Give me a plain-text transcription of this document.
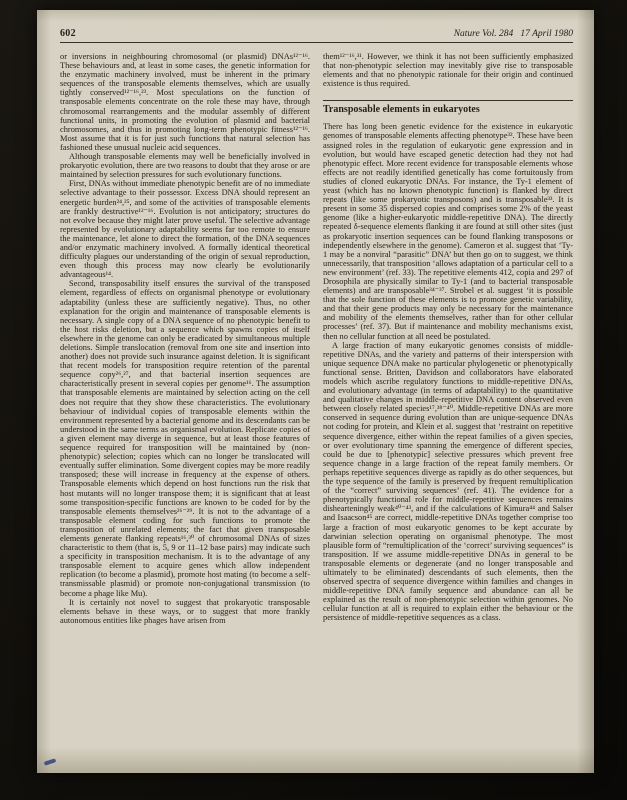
602	Nature Vol. 284   17 April 1980

or inversions in neighbouring chromosomal (or plasmid) DNAs¹²⁻¹⁶. These behaviours and, at least in some cases, the genetic information for the enzymatic machinery involved, must be inherent in the primary sequences of the transposable elements themselves, which are usually tightly conserved¹²⁻¹⁶,²³. Most speculations on the function of transposable elements concentrate on the role these may have, through chromosomal rearrangements and the modular assembly of different functional units, in promoting the evolution of plasmid and bacterial chromosomes, and thus in promoting long-term phenotypic fitness¹²⁻¹⁶. Most assume that it is for just such functions that natural selection has fashioned these unusual nucleic acid sequences.

Although transposable elements may well be beneficially involved in prokaryotic evolution, there are two reasons to doubt that they arose or are maintained by selection pressures for such evolutionary functions.

First, DNAs without immediate phenotypic benefit are of no immediate selective advantage to their possessor. Excess DNA should represent an energetic burden²⁴,²⁵, and some of the activities of transposable elements are frankly destructive¹²⁻¹⁶. Evolution is not anticipatory; structures do not evolve because they might later prove useful. The selective advantage represented by evolutionary adaptability seems far too remote to ensure the maintenance, let alone to direct the formation, of the DNA sequences and/or enzymatic machinery involved. A formally identical theoretical difficulty plagues our understanding of the origin of sexual reproduction, even though this process may now clearly be evolutionarily advantageous¹⁴.

Second, transposability itself ensures the survival of the transposed element, regardless of effects on organismal phenotype or evolutionary adaptability (unless these are sufficiently negative). Thus, no other explanation for the origin and maintenance of transposable elements is necessary. A single copy of a DNA sequence of no phenotypic benefit to the host risks deletion, but a sequence which spawns copies of itself elsewhere in the genome can only be eradicated by simultaneous multiple deletions. Simple translocation (removal from one site and insertion into another) does not provide such insurance against deletion. It is significant that recent models for transposition require retention of the parental sequence copy²⁶,²⁷, and that bacterial insertion sequences are characteristically present in several copies per genome¹⁶. The assumption that transposable elements are maintained by selection acting on the cell does not require that they show these characteristics. The evolutionary behaviour of individual copies of transposable elements within the environment represented by a bacterial genome and its descendants can be understood in the same terms as organismal evolution. Replicate copies of a given element may diverge in sequence, but at least those features of sequence required for transposition will be maintained by (non-phenotypic) selection; copies which can no longer be translocated will eventually suffer elimination. Some divergent copies may be more readily transposed; these will increase in frequency at the expense of others. Transposable elements which depend on host functions run the risk that host mutants will no longer transpose them; it is significant that at least some transposition-specific functions are known to be coded for by the transposable elements themselves²⁶⁻²⁹. It is not to the advantage of a transposable element coding for such functions to promote the transposition of unrelated elements; the fact that given transposable elements generate flanking repeats¹⁶,³⁰ of chromosomal DNAs of sizes characteristic to them (that is, 5, 9 or 11–12 base pairs) may indicate such a specificity in transposition mechanism. It is to the advantage of any transposable element to acquire genes which allow independent replication (to become a plasmid), promote host mating (to become a self-transmissable plasmid) or promote non-conjugational transmission (to become a phage like Mu).

It is certainly not novel to suggest that prokaryotic transposable elements behave in these ways, or to suggest that more frankly autonomous entities like phages have arisen from

them¹²⁻¹⁶,³¹. However, we think it has not been sufficiently emphasized that non-phenotypic selection may inevitably give rise to transposable elements and that no phenotypic rationale for their origin and continued existence is thus required.

Transposable elements in eukaryotes

There has long been genetic evidence for the existence in eukaryotic genomes of transposable elements affecting phenotype³². These have been assigned roles in the regulation of eukaryotic gene expression and in evolution, but would have escaped genetic detection had they not had phenotypic effect. More recent evidence for transposable elements whose effects are not readily identified genetically has come fortuitously from studies of cloned eukaryotic DNAs. For instance, the Ty-1 element of yeast (which has no known phenotypic function) is flanked by direct repeats (like some prokaryotic transposons) and is transposable³³. It is present in some 35 dispersed copies and comprises some 2% of the yeast genome (like a higher-eukaryotic middle-repetitive DNA). The directly repeated δ-sequence elements flanking it are found at still other sites (just as prokaryotic insertion sequences can be found flanking transposons or independently elsewhere in the genome). Cameron et al. suggest that ‘Ty-1 may be a nonviral “parasitic” DNA’ but then go on to suggest, we think unnecessarily, that transposition ‘allows adaptation of a particular cell to a new environment’ (ref. 33). The repetitive elements 412, copia and 297 of Drosophila are physically similar to Ty-1 (and to bacterial transposable elements) and are transposable³⁴⁻³⁷. Strobel et al. suggest ‘it is possible that the sole function of these elements is to promote genetic variability, and that their gene products may only be necessary for the maintenance and mobility of the elements themselves, rather than for other cellular processes’ (ref. 37). But if maintenance and mobility mechanisms exist, then no cellular function at all need be postulated.

A large fraction of many eukaryotic genomes consists of middle-repetitive DNAs, and the variety and patterns of their interspersion with unique sequence DNA make no particular phylogenetic or phenotypically functional sense. Britten, Davidson and collaborators have elaborated models which ascribe regulatory functions to middle-repetitive DNAs, and evolutionary advantage (in terms of adaptability) to the quantitative and qualitative changes in middle-repetitive DNA content observed even between closely related species¹⁷,³⁸⁻⁴⁰. Middle-repetitive DNAs are more conserved in sequence during evolution than are unique-sequence DNAs not coding for protein, and Klein et al. suggest that ‘restraint on repetitive sequence divergence, either within the repeat families of a given species, or over evolutionary time spanning the emergence of different species, could be due to [phenotypic] selective pressures which prevent free sequence change in a large fraction of the repeat family members. Or perhaps repetitive sequences diverge as rapidly as do other sequences, but the type sequence of the family is preserved by frequent remultiplication of the “correct” surviving sequences’ (ref. 41). The evidence for a phenotypically functional role for middle-repetitive sequences remains dishearteningly weak⁴⁰⁻⁴³, and if the calculations of Kimura⁴⁴ and Salser and Isaacson⁴⁵ are correct, middle-repetitive DNAs together comprise too large a fraction of most eukaryotic genomes to be kept accurate by darwinian selection operating on organismal phenotype. The most plausible form of “remultiplication of the ‘correct’ surviving sequences” is transposition. If we assume middle-repetitive DNAs in general to be transposable elements or degenerate (and no longer transposable and ultimately to be eliminated) descendants of such elements, then the observed spectra of sequence divergence within families and changes in middle-repetitive DNA family sequence and abundance can all be explained as the result of non-phenotypic selection within genomes. No cellular function at all is required to explain either the behaviour or the persistence of middle-repetitive sequences as a class.
